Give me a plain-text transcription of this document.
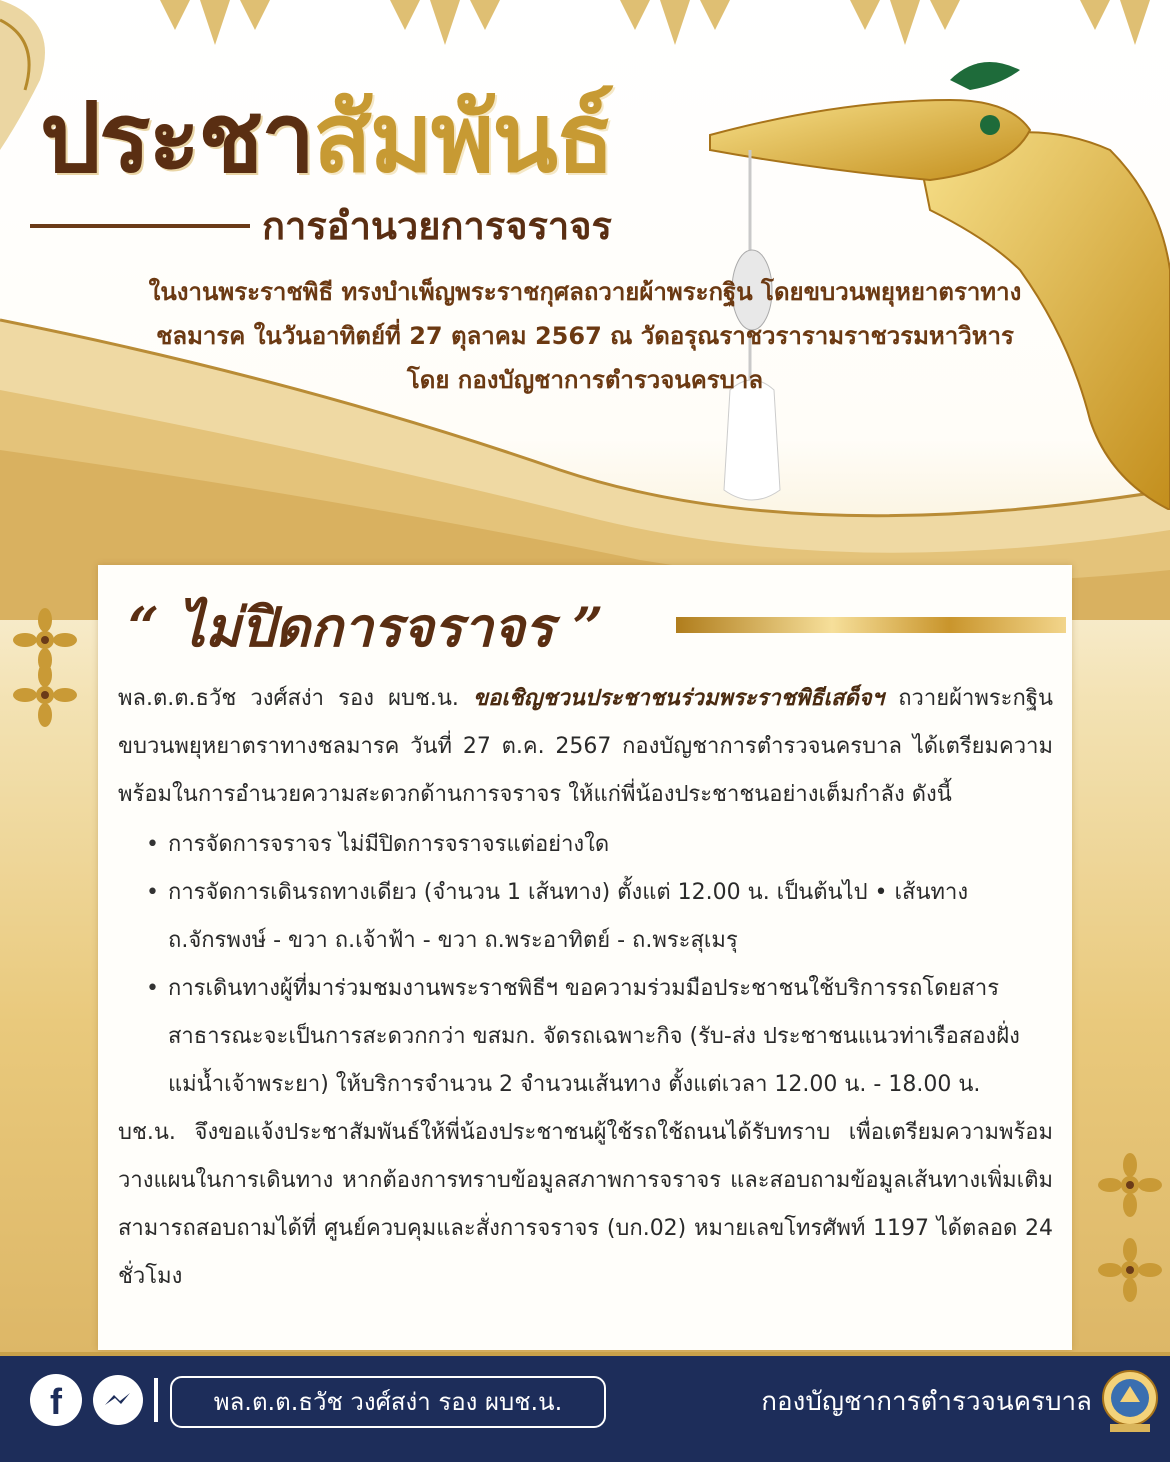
ประชาสัมพันธ์
การอำนวยการจราจร
ในงานพระราชพิธี ทรงบำเพ็ญพระราชกุศลถวายผ้าพระกฐิน โดยขบวนพยุหยาตราทาง
ชลมารค ในวันอาทิตย์ที่ 27 ตุลาคม 2567 ณ วัดอรุณราชวรารามราชวรมหาวิหาร
โดย กองบัญชาการตำรวจนครบาล
“ ไม่ปิดการจราจร ”

พล.ต.ต.ธวัช วงศ์สง่า รอง ผบช.น. ขอเชิญชวนประชาชนร่วมพระราชพิธีเสด็จฯ ถวายผ้าพระกฐิน ขบวนพยุหยาตราทางชลมารค วันที่ 27 ต.ค. 2567 กองบัญชาการตำรวจนครบาล ได้เตรียมความพร้อมในการอำนวยความสะดวกด้านการจราจร ให้แก่พี่น้องประชาชนอย่างเต็มกำลัง ดังนี้

• การจัดการจราจร ไม่มีปิดการจราจรแต่อย่างใด
• การจัดการเดินรถทางเดียว (จำนวน 1 เส้นทาง) ตั้งแต่ 12.00 น. เป็นต้นไป • เส้นทาง ถ.จักรพงษ์ - ขวา ถ.เจ้าฟ้า - ขวา ถ.พระอาทิตย์ - ถ.พระสุเมรุ
• การเดินทางผู้ที่มาร่วมชมงานพระราชพิธีฯ ขอความร่วมมือประชาชนใช้บริการรถโดยสารสาธารณะจะเป็นการสะดวกกว่า ขสมก. จัดรถเฉพาะกิจ (รับ-ส่ง ประชาชนแนวท่าเรือสองฝั่งแม่น้ำเจ้าพระยา) ให้บริการจำนวน 2 จำนวนเส้นทาง ตั้งแต่เวลา 12.00 น. - 18.00 น.

บช.น. จึงขอแจ้งประชาสัมพันธ์ให้พี่น้องประชาชนผู้ใช้รถใช้ถนนได้รับทราบ เพื่อเตรียมความพร้อมวางแผนในการเดินทาง หากต้องการทราบข้อมูลสภาพการจราจร และสอบถามข้อมูลเส้นทางเพิ่มเติม สามารถสอบถามได้ที่ ศูนย์ควบคุมและสั่งการจราจร (บก.02) หมายเลขโทรศัพท์ 1197 ได้ตลอด 24 ชั่วโมง

f	พล.ต.ต.ธวัช วงศ์สง่า รอง ผบช.น.	กองบัญชาการตำรวจนครบาล
